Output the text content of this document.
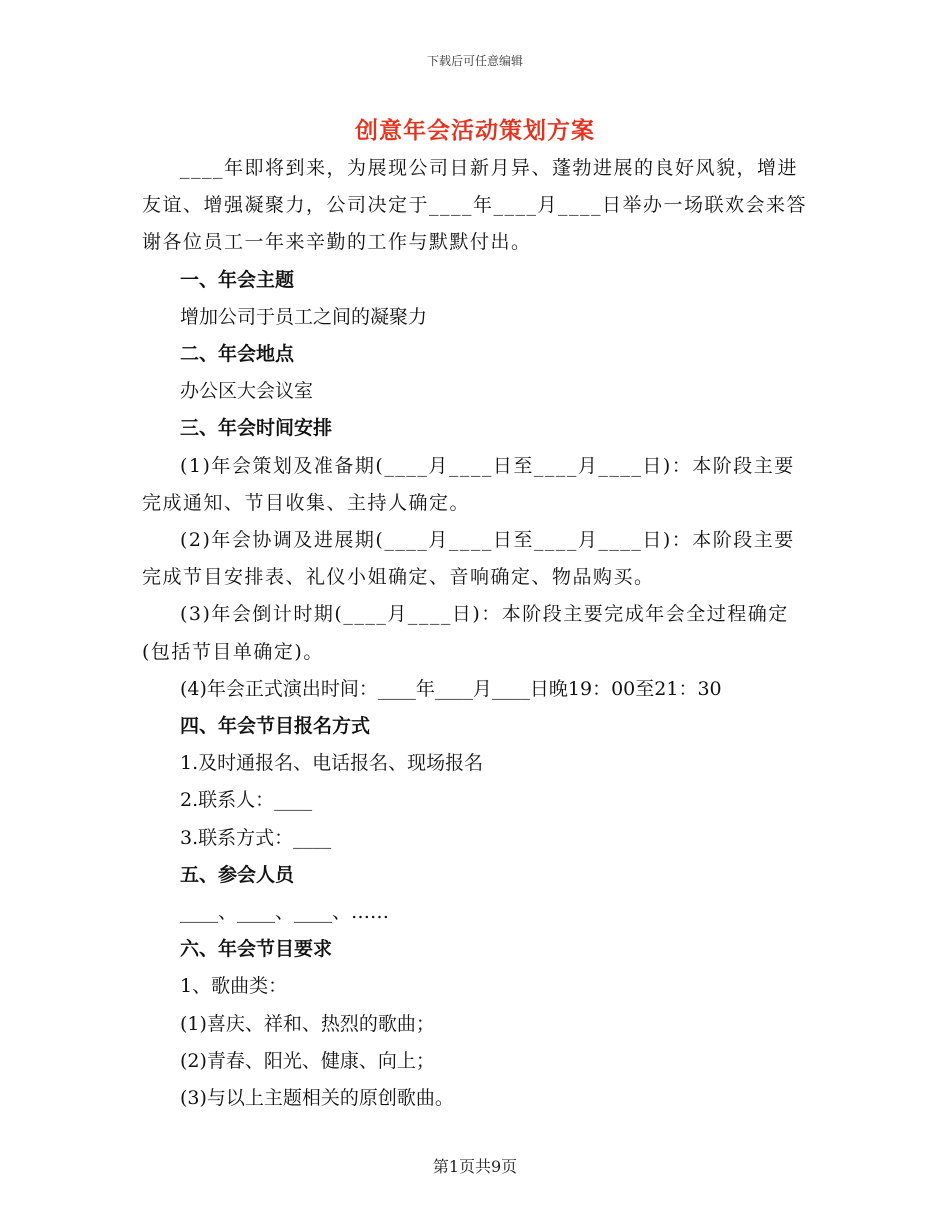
下载后可任意编辑
创意年会活动策划方案

____年即将到来，为展现公司日新月异、蓬勃进展的良好风貌，增进友谊、增强凝聚力，公司决定于____年____月____日举办一场联欢会来答谢各位员工一年来辛勤的工作与默默付出。

一、年会主题

增加公司于员工之间的凝聚力

二、年会地点

办公区大会议室

三、年会时间安排

(1)年会策划及准备期(____月____日至____月____日)：本阶段主要完成通知、节目收集、主持人确定。

(2)年会协调及进展期(____月____日至____月____日)：本阶段主要完成节目安排表、礼仪小姐确定、音响确定、物品购买。

(3)年会倒计时期(____月____日)：本阶段主要完成年会全过程确定(包括节目单确定)。

(4)年会正式演出时间：____年____月____日晚19：00至21：30

四、年会节目报名方式

1.及时通报名、电话报名、现场报名

2.联系人：____

3.联系方式：____

五、参会人员

____、____、____、……

六、年会节目要求

1、歌曲类：

(1)喜庆、祥和、热烈的歌曲；

(2)青春、阳光、健康、向上；

(3)与以上主题相关的原创歌曲。

第1页共9页
